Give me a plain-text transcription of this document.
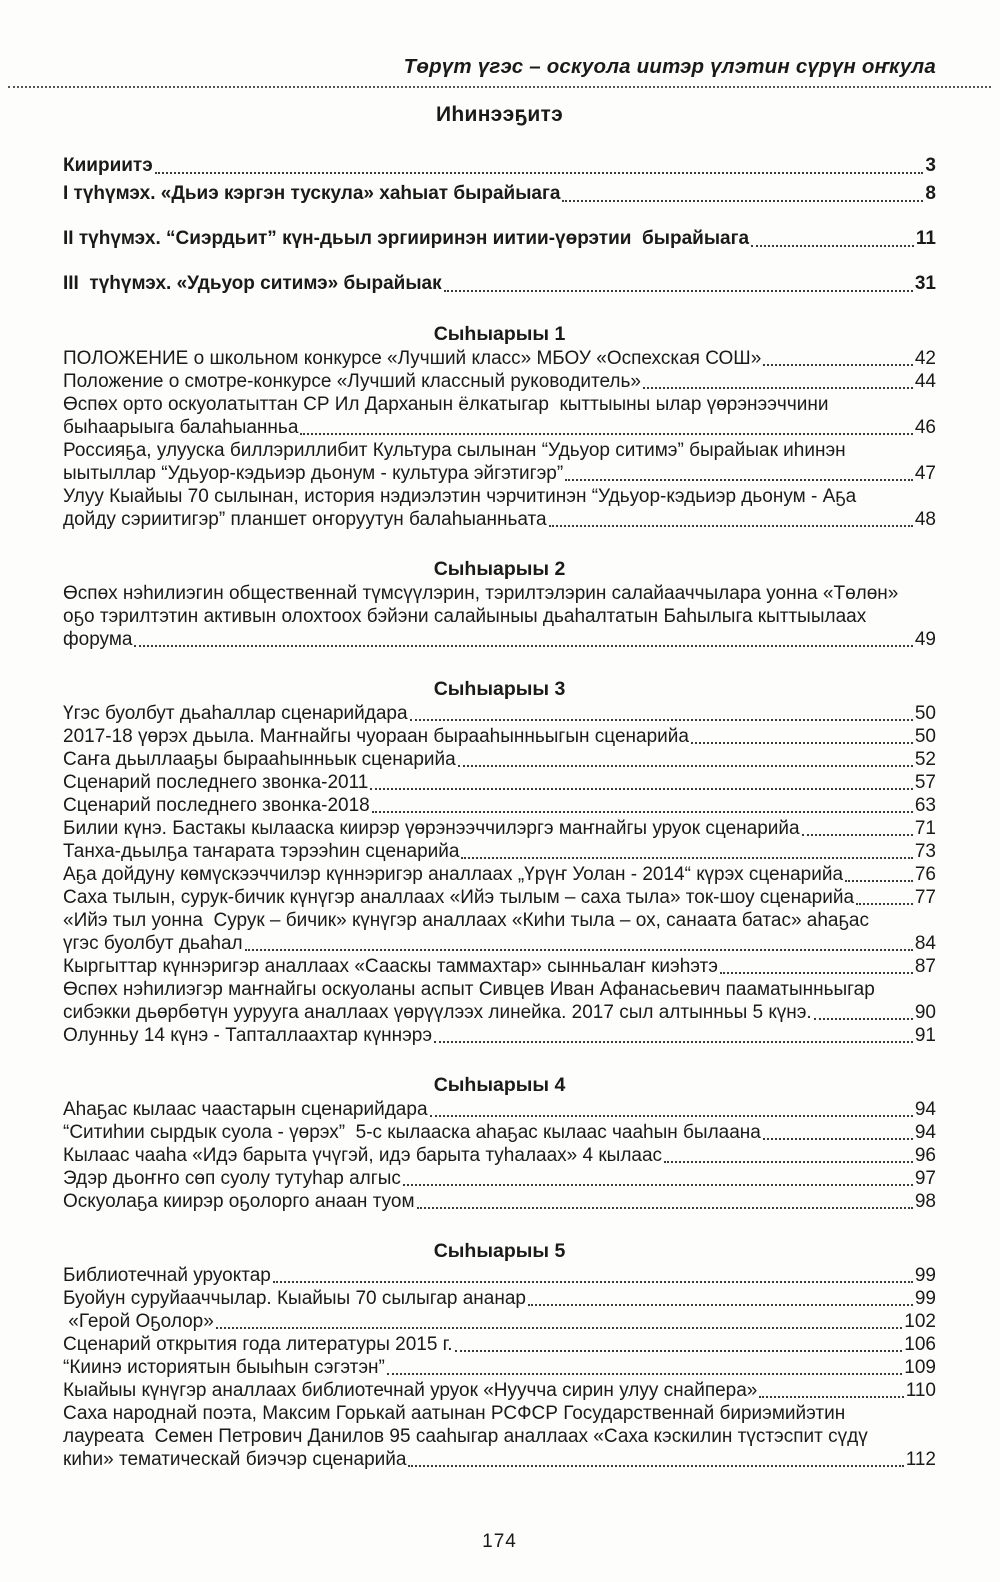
Төрүт үгэс – оскуола иитэр үлэтин сүрүн оҥкула
Иһинээҕитэ
Киириитэ	3
I түһүмэх. «Дьиэ кэргэн тускула» хаһыат бырайыага	8
II түһүмэх. “Сиэрдьит” күн-дьыл эргииринэн иитии-үөрэтии  бырайыага	11
III  түһүмэх. «Удьуор ситимэ» бырайыак	31
Сыһыарыы 1
ПОЛОЖЕНИЕ о школьном конкурсе «Лучший класс» МБОУ «Оспехская СОШ»	42
Положение о смотре-конкурсе «Лучший классный руководитель»	44
Өспөх орто оскуолатыттан СР Ил Дарханын ёлкатыгар  кыттыыны ылар үөрэнээччини
быһаарыыга балаһыанньа	46
Россияҕа, улууска биллэриллибит Культура сылынан “Удьуор ситимэ” бырайыак иһинэн
ыытыллар “Удьуор-кэдьиэр дьонум - культура эйгэтигэр”	47
Улуу Кыайыы 70 сылынан, история нэдиэлэтин чэрчитинэн “Удьуор-кэдьиэр дьонум - Аҕа
дойду сэриитигэр” планшет оҥоруутун балаһыанньата	48
Сыһыарыы 2
Өспөх нэһилиэгин общественнай түмсүүлэрин, тэрилтэлэрин салайааччылара уонна «Төлөн»
оҕо тэрилтэтин активын олохтоох бэйэни салайыныы дьаһалтатын Баһылыга кыттыылаах
форума	49
Сыһыарыы 3
Үгэс буолбут дьаһаллар сценарийдара	50
2017-18 үөрэх дьыла. Маҥнайгы чуораан бырааһынньыгын сценарийа	50
Саҥа дьыллааҕы бырааһынньык сценарийа	52
Сценарий последнего звонка-2011	57
Сценарий последнего звонка-2018	63
Билии күнэ. Бастакы кылааска киирэр үөрэнээччилэргэ маҥнайгы уруок сценарийа	71
Танха-дьылҕа таҥарата тэрээһин сценарийа	73
Аҕа дойдуну көмүскээччилэр күннэригэр аналлаах „Үрүҥ Уолан - 2014“ күрэх сценарийа	76
Саха тылын, сурук-бичик күнүгэр аналлаах «Ийэ тылым – саха тыла» ток-шоу сценарийа	77
«Ийэ тыл уонна  Сурук – бичик» күнүгэр аналлаах «Киһи тыла – ох, санаата батас» аһаҕас
үгэс буолбут дьаһал	84
Кыргыттар күннэригэр аналлаах «Сааскы таммахтар» сынньалаҥ киэһэтэ	87
Өспөх нэһилиэгэр маҥнайгы оскуоланы аспыт Сивцев Иван Афанасьевич пааматынньыгар
сибэкки дьөрбөтүн уурууга аналлаах үөрүүлээх линейка. 2017 сыл алтынньы 5 күнэ.	90
Олунньу 14 күнэ - Тапталлаахтар күннэрэ	91
Сыһыарыы 4
Аһаҕас кылаас чаастарын сценарийдара	94
“Ситиһии сырдык суола - үөрэх”  5-с кылааска аһаҕас кылаас чааһын былаана	94
Кылаас чааһа «Идэ барыта үчүгэй, идэ барыта туһалаах» 4 кылаас	96
Эдэр дьоҥҥо сөп суолу тутуһар алгыс	97
Оскуолаҕа киирэр оҕолорго анаан туом	98
Сыһыарыы 5
Библиотечнай уруоктар	99
Буойун суруйааччылар. Кыайыы 70 сылыгар ананар	99
«Герой Оҕолор»	102
Сценарий открытия года литературы 2015 г.	106
“Киинэ историятын быыһын сэгэтэн”	109
Кыайыы күнүгэр аналлаах библиотечнай уруок «Нуучча сирин улуу снайпера»	110
Саха народнай поэта, Максим Горькай аатынан РСФСР Государственнай бириэмийэтин
лауреата  Семен Петрович Данилов 95 сааһыгар аналлаах «Саха кэскилин түстэспит сүдү
киһи» тематическай биэчэр сценарийа	112
174
